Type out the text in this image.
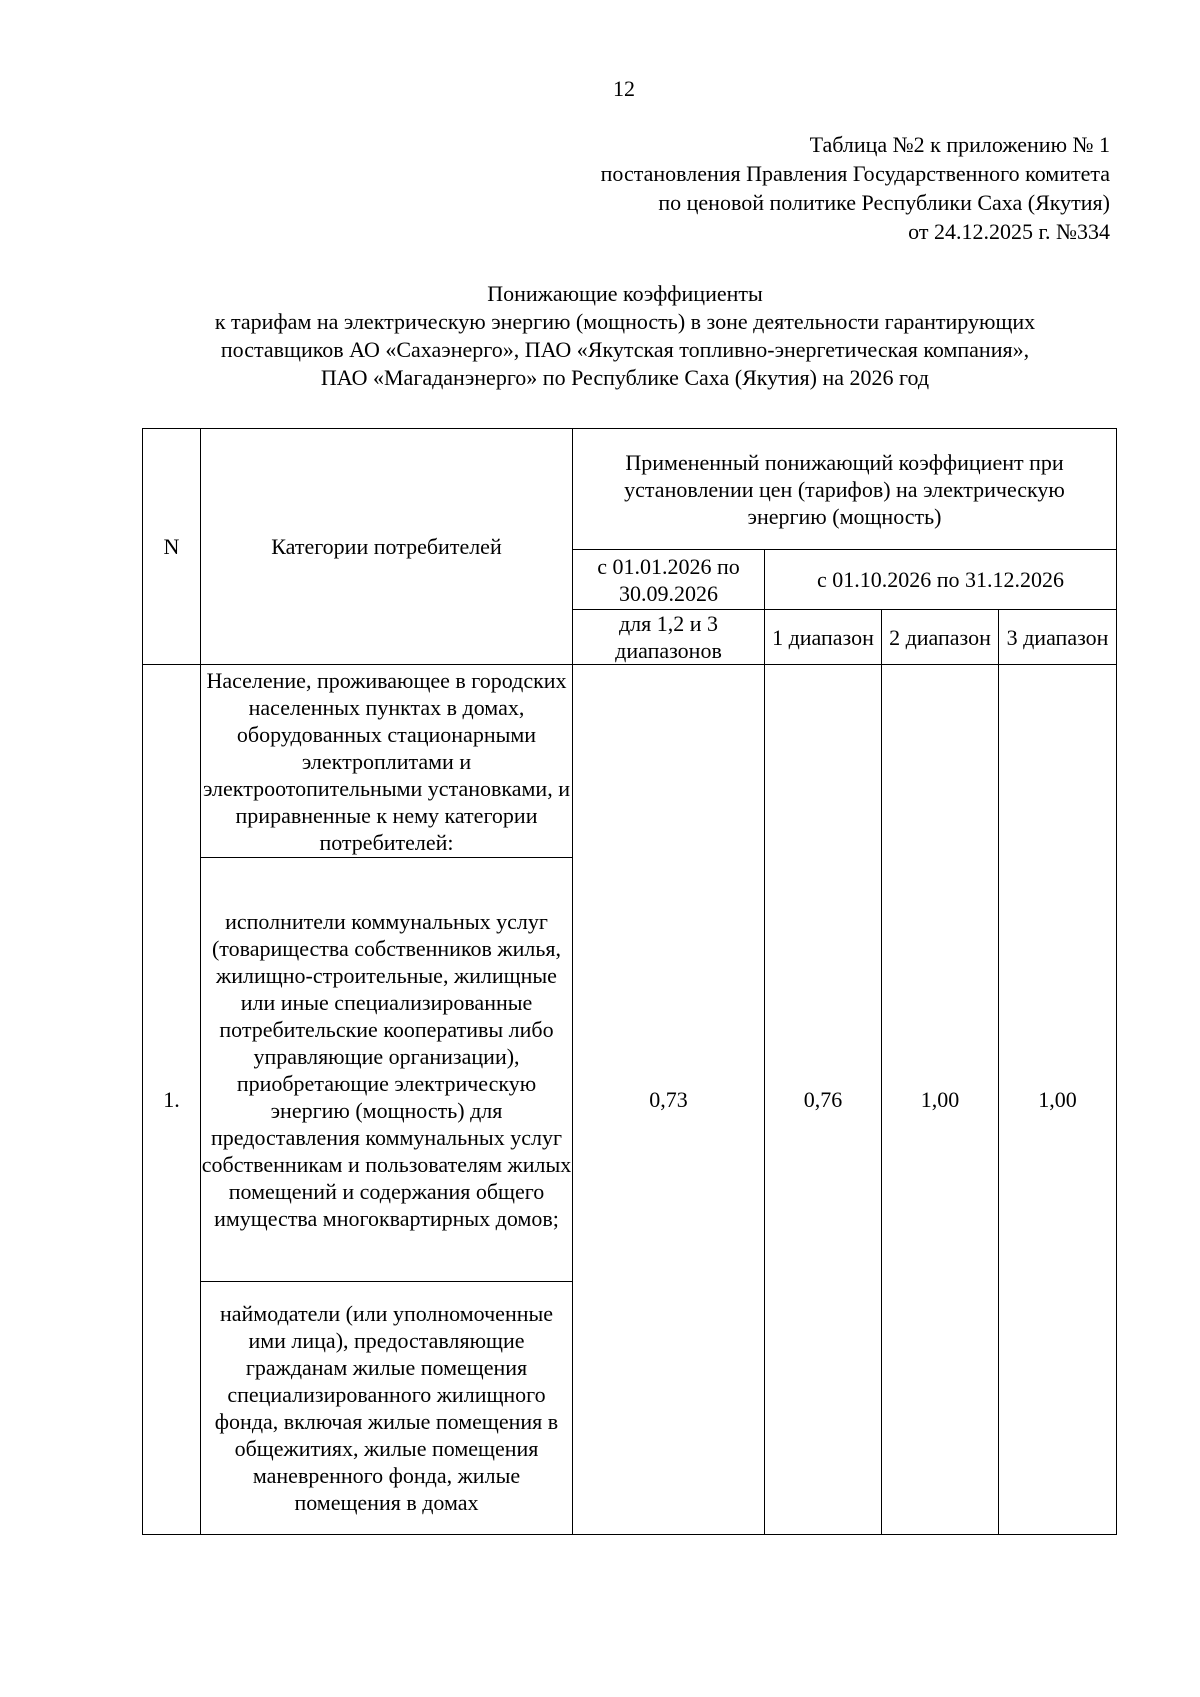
12
Таблица №2 к приложению № 1
постановления Правления Государственного комитета
по ценовой политике Республики Саха (Якутия)
от 24.12.2025 г. №334
Понижающие коэффициенты
к тарифам на электрическую энергию (мощность) в зоне деятельности гарантирующих
поставщиков АО «Сахаэнерго», ПАО «Якутская топливно-энергетическая компания»,
ПАО «Магаданэнерго» по Республике Саха (Якутия) на 2026 год
N	Категории потребителей	Примененный понижающий коэффициент при установлении цен (тарифов) на электрическую энергию (мощность)			

		с 01.01.2026 по 30.09.2026	с 01.10.2026 по 31.12.2026		
		для 1,2 и 3 диапазонов	1 диапазон	2 диапазон	3 диапазон
1.	Население, проживающее в городских населенных пунктах в домах, оборудованных стационарными электроплитами и электроотопительными установками, и приравненные к нему категории потребителей:	0,73	0,76	1,00	1,00
	исполнители коммунальных услуг (товарищества собственников жилья, жилищно-строительные, жилищные или иные специализированные потребительские кооперативы либо управляющие организации), приобретающие электрическую энергию (мощность) для предоставления коммунальных услуг собственникам и пользователям жилых помещений и содержания общего имущества многоквартирных домов;				
	наймодатели (или уполномоченные ими лица), предоставляющие гражданам жилые помещения специализированного жилищного фонда, включая жилые помещения в общежитиях, жилые помещения маневренного фонда, жилые помещения в домах				
